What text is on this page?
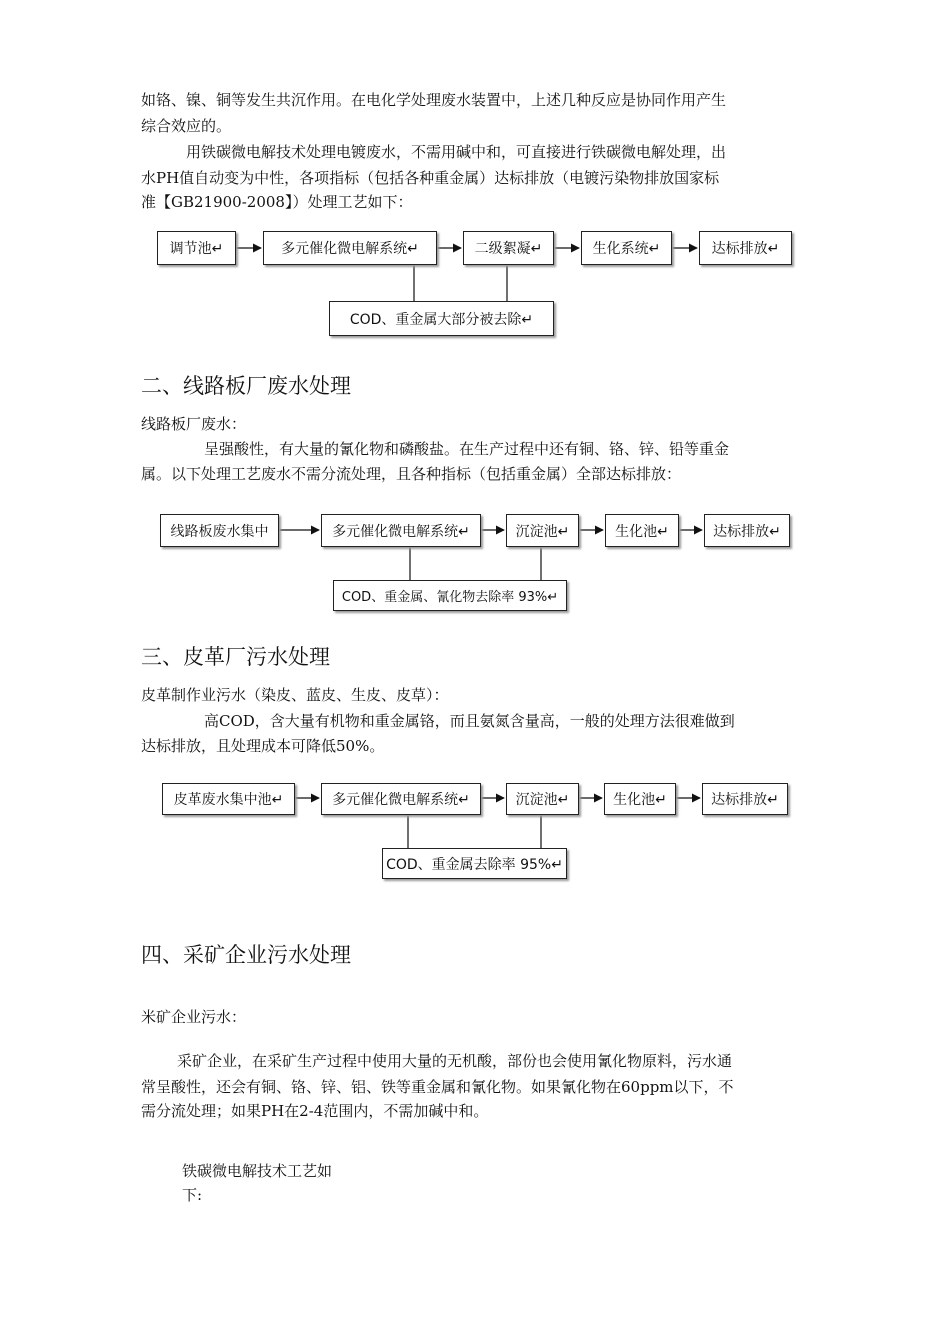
如铬、镍、铜等发生共沉作用。在电化学处理废水装置中，上述几种反应是协同作用产生
综合效应的。
用铁碳微电解技术处理电镀废水，不需用碱中和，可直接进行铁碳微电解处理，出
水PH值自动变为中性，各项指标（包括各种重金属）达标排放（电镀污染物排放国家标
准【GB21900-2008】）处理工艺如下：
调节池↵	多元催化微电解系统↵	二级絮凝↵	生化系统↵	达标排放↵
COD、重金属大部分被去除↵
二、线路板厂废水处理
线路板厂废水：
呈强酸性，有大量的氰化物和磷酸盐。在生产过程中还有铜、铬、锌、铅等重金
属。以下处理工艺废水不需分流处理，且各种指标（包括重金属）全部达标排放：
线路板废水集中	多元催化微电解系统↵	沉淀池↵	生化池↵	达标排放↵
COD、重金属、氰化物去除率 93%↵
三、皮革厂污水处理
皮革制作业污水（染皮、蓝皮、生皮、皮草）：
高COD，含大量有机物和重金属铬，而且氨氮含量高，一般的处理方法很难做到
达标排放，且处理成本可降低50%。
皮革废水集中池↵	多元催化微电解系统↵	沉淀池↵	生化池↵	达标排放↵
COD、重金属去除率 95%↵
四、采矿企业污水处理
米矿企业污水：
采矿企业，在采矿生产过程中使用大量的无机酸，部份也会使用氰化物原料，污水通
常呈酸性，还会有铜、铬、锌、铝、铁等重金属和氰化物。如果氰化物在60ppm以下，不
需分流处理；如果PH在2-4范围内，不需加碱中和。
铁碳微电解技术工艺如
下:
